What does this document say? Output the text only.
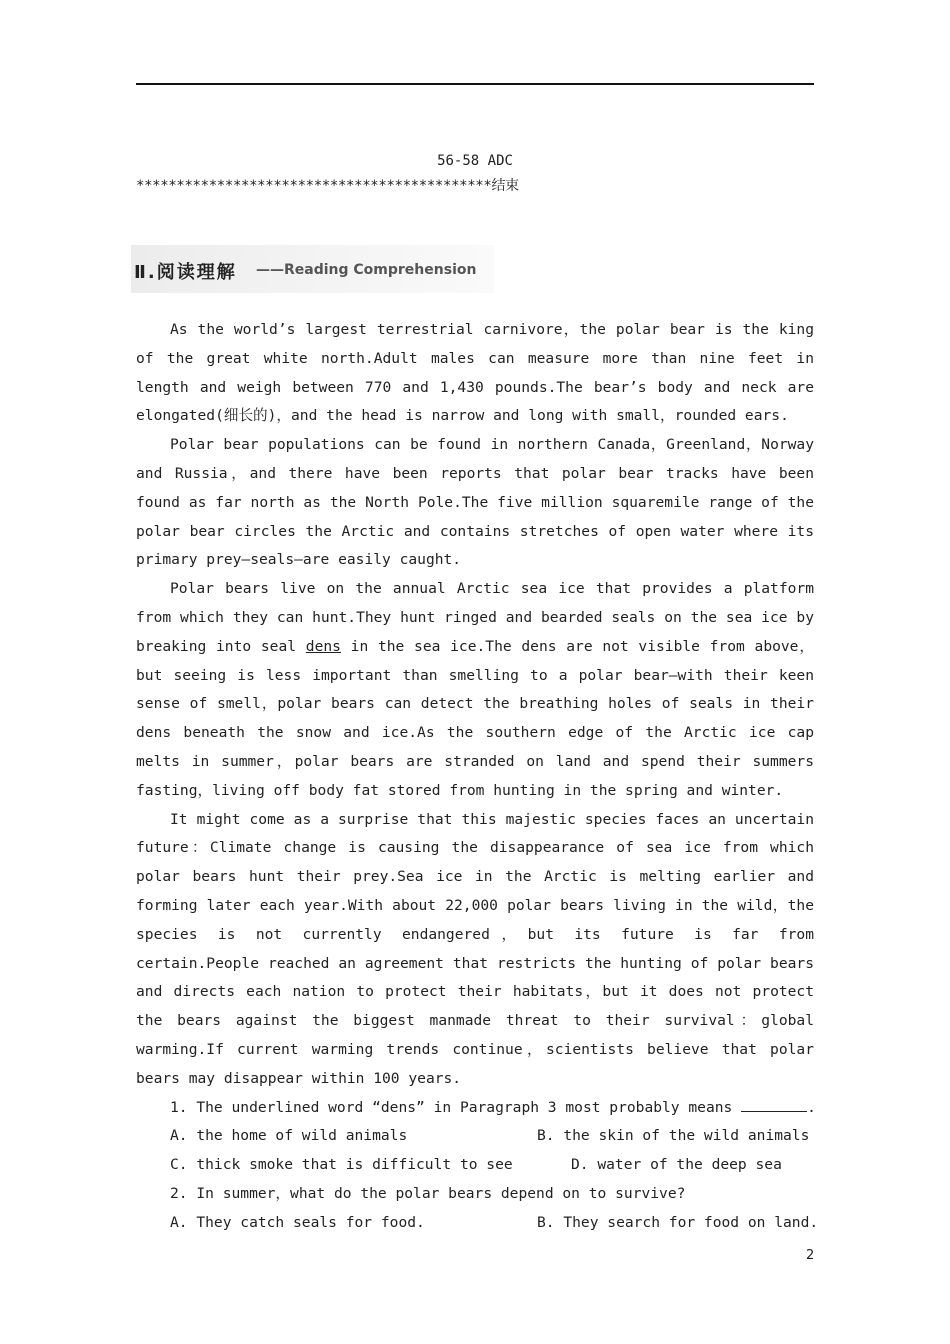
56-58 ADC
********************************************结束
Ⅱ.阅读理解 ——Reading Comprehension

As the world’s largest terrestrial carnivore，the polar bear is the king of the great white north.Adult males can measure more than nine feet in length and weigh between 770 and 1,430 pounds.The bear’s body and neck are elongated(细长的)，and the head is narrow and long with small，rounded ears.

Polar bear populations can be found in northern Canada，Greenland，Norway and Russia，and there have been reports that polar bear tracks have been found as far north as the North Pole.The five million squaremile range of the polar bear circles the Arctic and contains stretches of open water where its primary prey—seals—are easily caught.

Polar bears live on the annual Arctic sea ice that provides a platform from which they can hunt.They hunt ringed and bearded seals on the sea ice by breaking into seal dens in the sea ice.The dens are not visible from above，but seeing is less important than smelling to a polar bear—with their keen sense of smell，polar bears can detect the breathing holes of seals in their dens beneath the snow and ice.As the southern edge of the Arctic ice cap melts in summer，polar bears are stranded on land and spend their summers fasting，living off body fat stored from hunting in the spring and winter.

It might come as a surprise that this majestic species faces an uncertain future：Climate change is causing the disappearance of sea ice from which polar bears hunt their prey.Sea ice in the Arctic is melting earlier and forming later each year.With about 22,000 polar bears living in the wild，the species is not currently endangered，but its future is far from certain.People reached an agreement that restricts the hunting of polar bears and directs each nation to protect their habitats，but it does not protect the bears against the biggest manmade threat to their survival：global warming.If current warming trends continue，scientists believe that polar bears may disappear within 100 years.

1. The underlined word “dens” in Paragraph 3 most probably means	.
A. the home of wild animals	B. the skin of the wild animals
C. thick smoke that is difficult to see	D. water of the deep sea
2. In summer，what do the polar bears depend on to survive?
A. They catch seals for food.	B. They search for food on land.
2
